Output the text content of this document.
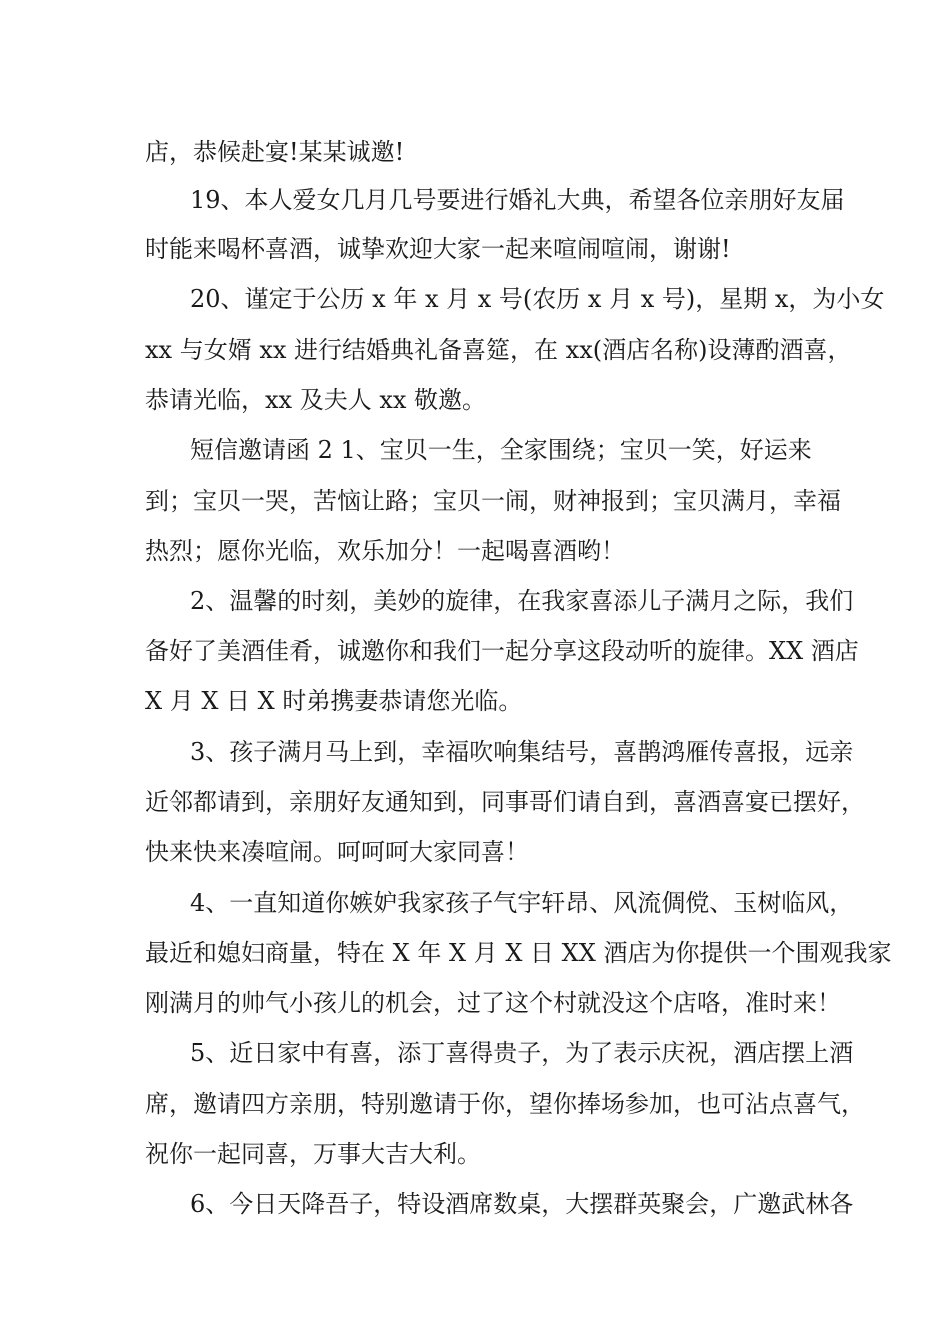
店，恭候赴宴!某某诚邀!
19、本人爱女几月几号要进行婚礼大典，希望各位亲朋好友届
时能来喝杯喜酒，诚挚欢迎大家一起来喧闹喧闹，谢谢!
20、谨定于公历 x 年 x 月 x 号(农历 x 月 x 号)，星期 x，为小女
xx 与女婿 xx 进行结婚典礼备喜筵，在 xx(酒店名称)设薄酌酒喜，
恭请光临，xx 及夫人 xx 敬邀。
短信邀请函 2 1、宝贝一生，全家围绕；宝贝一笑，好运来
到；宝贝一哭，苦恼让路；宝贝一闹，财神报到；宝贝满月，幸福
热烈；愿你光临，欢乐加分！一起喝喜酒哟！
2、温馨的时刻，美妙的旋律，在我家喜添儿子满月之际，我们
备好了美酒佳肴，诚邀你和我们一起分享这段动听的旋律。XX 酒店
X 月 X 日 X 时弟携妻恭请您光临。
3、孩子满月马上到，幸福吹响集结号，喜鹊鸿雁传喜报，远亲
近邻都请到，亲朋好友通知到，同事哥们请自到，喜酒喜宴已摆好，
快来快来凑喧闹。呵呵呵大家同喜！
4、一直知道你嫉妒我家孩子气宇轩昂、风流倜傥、玉树临风，
最近和媳妇商量，特在 X 年 X 月 X 日 XX 酒店为你提供一个围观我家
刚满月的帅气小孩儿的机会，过了这个村就没这个店咯，准时来！
5、近日家中有喜，添丁喜得贵子，为了表示庆祝，酒店摆上酒
席，邀请四方亲朋，特别邀请于你，望你捧场参加，也可沾点喜气，
祝你一起同喜，万事大吉大利。
6、今日天降吾子，特设酒席数桌，大摆群英聚会，广邀武林各
